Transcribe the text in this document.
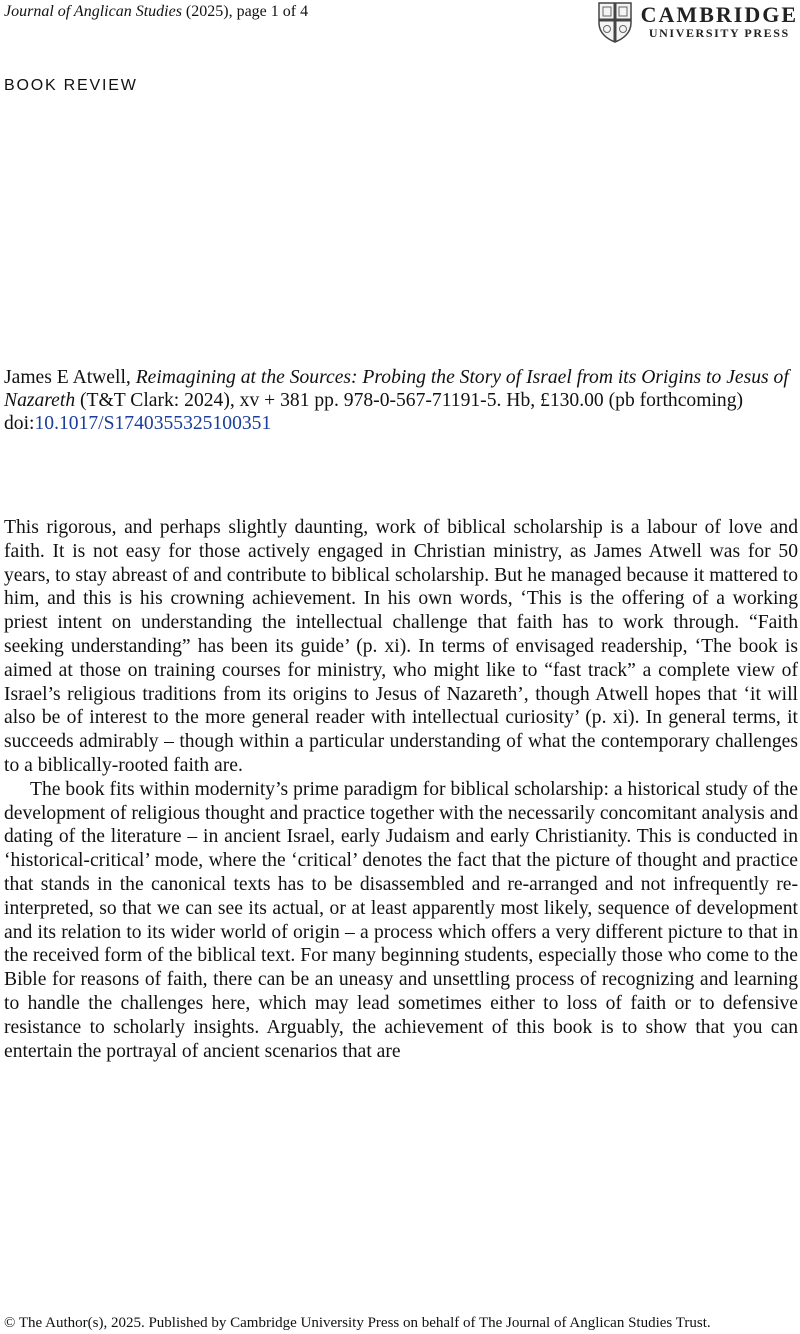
Journal of Anglican Studies (2025), page 1 of 4	CAMBRIDGE
UNIVERSITY PRESS
BOOK REVIEW
James E Atwell, Reimagining at the Sources: Probing the Story of Israel from its Origins to Jesus of Nazareth (T&T Clark: 2024), xv + 381 pp. 978-0-567-71191-5. Hb, £130.00 (pb forthcoming)
doi:10.1017/S1740355325100351

This rigorous, and perhaps slightly daunting, work of biblical scholarship is a labour of love and faith. It is not easy for those actively engaged in Christian ministry, as James Atwell was for 50 years, to stay abreast of and contribute to biblical scholarship. But he managed because it mattered to him, and this is his crowning achievement. In his own words, ‘This is the offering of a working priest intent on understanding the intellectual challenge that faith has to work through. “Faith seeking understanding” has been its guide’ (p. xi). In terms of envisaged readership, ‘The book is aimed at those on training courses for ministry, who might like to “fast track” a complete view of Israel’s religious traditions from its origins to Jesus of Nazareth’, though Atwell hopes that ‘it will also be of interest to the more general reader with intellectual curiosity’ (p. xi). In general terms, it succeeds admirably – though within a particular understanding of what the contemporary challenges to a biblically-rooted faith are.

The book fits within modernity’s prime paradigm for biblical scholarship: a historical study of the development of religious thought and practice together with the necessarily concomitant analysis and dating of the literature – in ancient Israel, early Judaism and early Christianity. This is conducted in ‘historical-critical’ mode, where the ‘critical’ denotes the fact that the picture of thought and practice that stands in the canonical texts has to be disassembled and re-arranged and not infrequently re-interpreted, so that we can see its actual, or at least apparently most likely, sequence of development and its relation to its wider world of origin – a process which offers a very different picture to that in the received form of the biblical text. For many beginning students, especially those who come to the Bible for reasons of faith, there can be an uneasy and unsettling process of recognizing and learning to handle the challenges here, which may lead sometimes either to loss of faith or to defensive resistance to scholarly insights. Arguably, the achievement of this book is to show that you can entertain the portrayal of ancient scenarios that are

© The Author(s), 2025. Published by Cambridge University Press on behalf of The Journal of Anglican Studies Trust.
